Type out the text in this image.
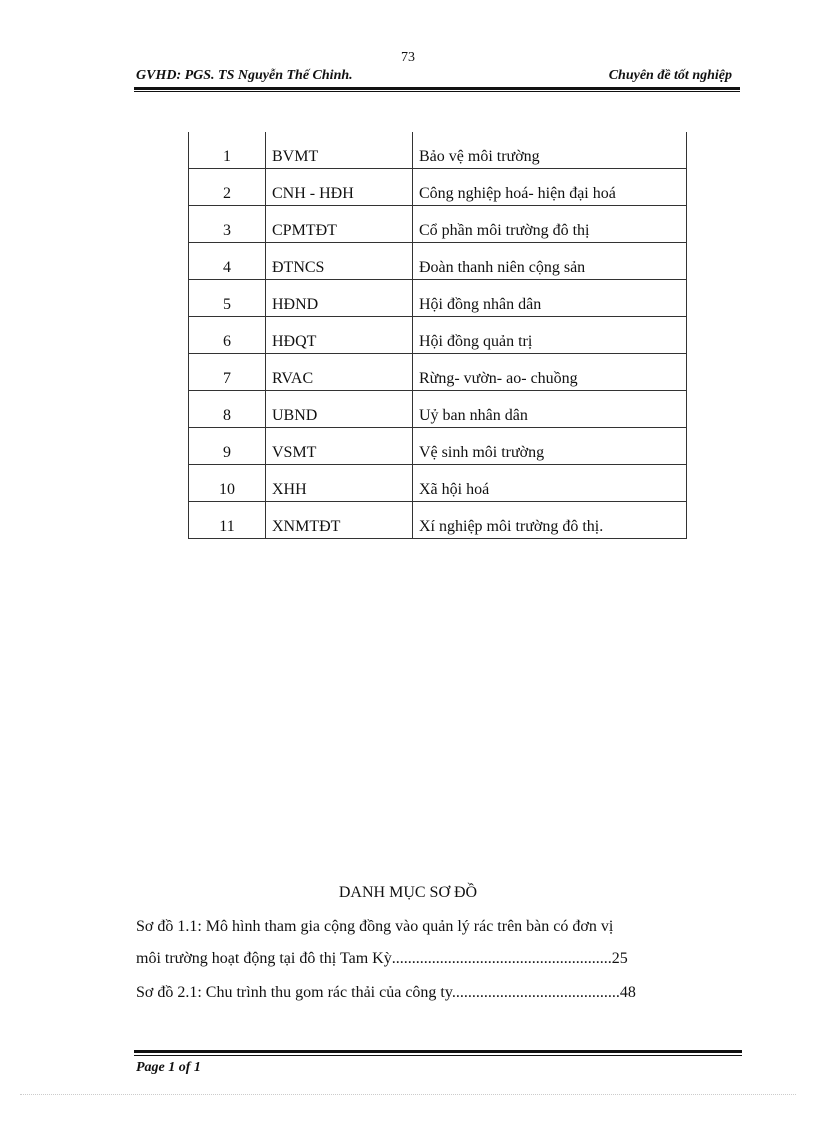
73
GVHD: PGS. TS Nguyễn Thế Chinh.	Chuyên đề tốt nghiệp
1	BVMT	Bảo vệ môi trường
2	CNH - HĐH	Công nghiệp hoá- hiện đại hoá
3	CPMTĐT	Cổ phần môi trường đô thị
4	ĐTNCS	Đoàn thanh niên cộng sản
5	HĐND	Hội đồng nhân dân
6	HĐQT	Hội đồng quản trị
7	RVAC	Rừng- vườn- ao- chuồng
8	UBND	Uỷ ban nhân dân
9	VSMT	Vệ sinh môi trường
10	XHH	Xã hội hoá
11	XNMTĐT	Xí nghiệp môi trường đô thị.
DANH MỤC SƠ ĐỒ
Sơ đồ 1.1: Mô hình tham gia cộng đồng vào quản lý rác trên bàn có đơn vị
môi trường hoạt động tại đô thị Tam Kỳ.......................................................25
Sơ đồ 2.1: Chu trình thu gom rác thải của công ty..........................................48
Page 1 of 1
